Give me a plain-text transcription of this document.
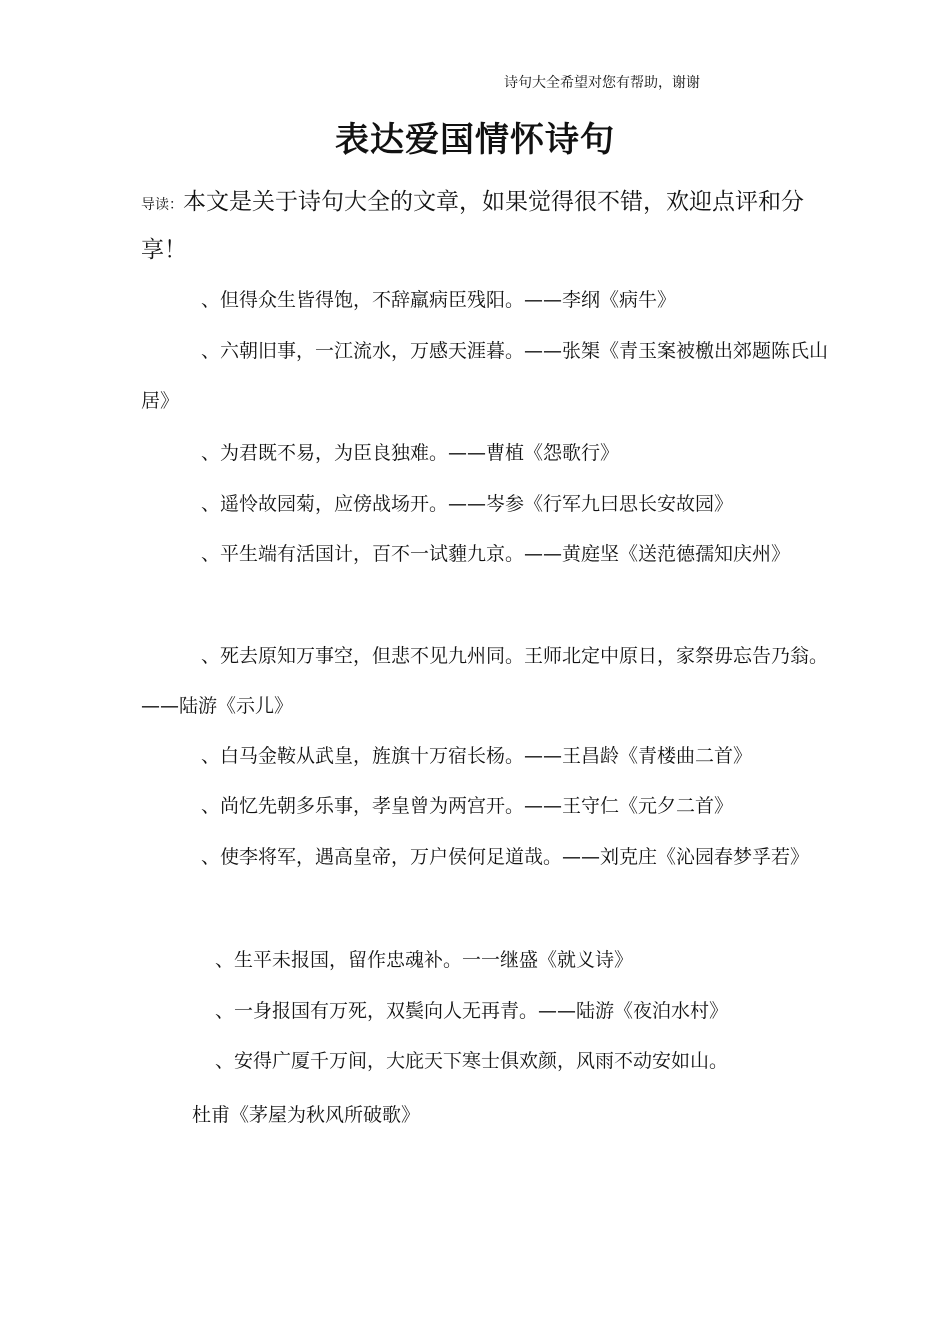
诗句大全希望对您有帮助，谢谢
表达爱国情怀诗句
导读：本文是关于诗句大全的文章，如果觉得很不错，欢迎点评和分享！

、但得众生皆得饱，不辞羸病臣残阳。——李纲《病牛》

、六朝旧事，一江流水，万感天涯暮。——张榘《青玉案被檄出郊题陈氏山居》

、为君既不易，为臣良独难。——曹植《怨歌行》

、遥怜故园菊，应傍战场开。——岑参《行军九曰思长安故园》

、平生端有活国计，百不一试薶九京。——黄庭坚《送范德孺知庆州》

、死去原知万事空，但悲不见九州同。王师北定中原日，家祭毋忘告乃翁。——陆游《示儿》

、白马金鞍从武皇，旌旗十万宿长杨。——王昌龄《青楼曲二首》

、尚忆先朝多乐事，孝皇曾为两宫开。——王守仁《元夕二首》

、使李将军，遇高皇帝，万户侯何足道哉。——刘克庄《沁园春梦孚若》

、生平未报国，留作忠魂补。一一继盛《就义诗》

、一身报国有万死，双鬓向人无再青。——陆游《夜泊水村》

、安得广厦千万间，大庇天下寒士俱欢颜，风雨不动安如山。

杜甫《茅屋为秋风所破歌》
